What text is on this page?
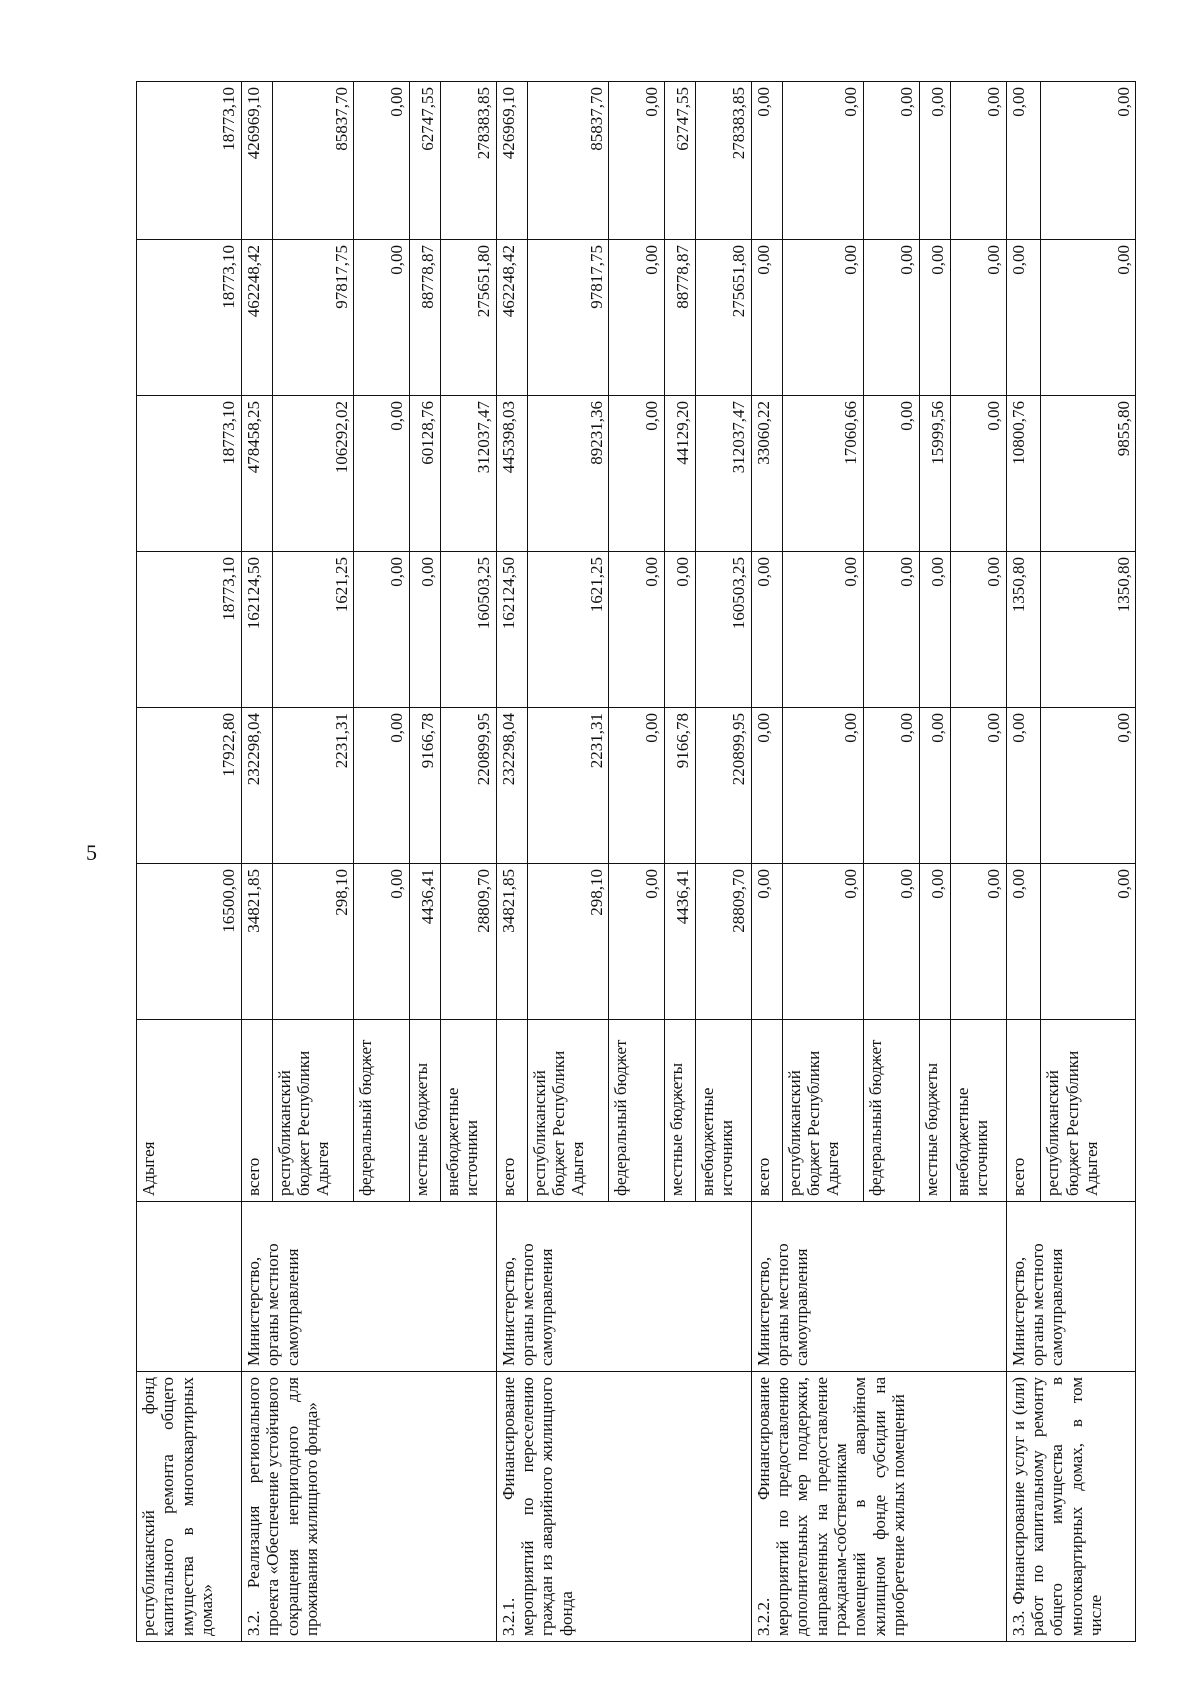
5
республиканский фонд капитального ремонта общего имущества в многоквартирных домах»		Адыгея	16500,00	17922,80	18773,10	18773,10	18773,10	18773,10
3.2. Реализация регионального проекта «Обеспечение устойчивого сокращения непригодного для проживания жилищного фонда»	Министерство, органы местного самоуправления	всего	34821,85	232298,04	162124,50	478458,25	462248,42	426969,10
		республиканский бюджет Республики Адыгея	298,10	2231,31	1621,25	106292,02	97817,75	85837,70
		федеральный бюджет	0,00	0,00	0,00	0,00	0,00	0,00
		местные бюджеты	4436,41	9166,78	0,00	60128,76	88778,87	62747,55
		внебюджетные источники	28809,70	220899,95	160503,25	312037,47	275651,80	278383,85
3.2.1. Финансирование мероприятий по переселению граждан из аварийного жилищного фонда	Министерство, органы местного самоуправления	всего	34821,85	232298,04	162124,50	445398,03	462248,42	426969,10
		республиканский бюджет Республики Адыгея	298,10	2231,31	1621,25	89231,36	97817,75	85837,70
		федеральный бюджет	0,00	0,00	0,00	0,00	0,00	0,00
		местные бюджеты	4436,41	9166,78	0,00	44129,20	88778,87	62747,55
		внебюджетные источники	28809,70	220899,95	160503,25	312037,47	275651,80	278383,85
3.2.2. Финансирование мероприятий по предоставлению дополнительных мер поддержки, направленных на предоставление гражданам-собственникам помещений в аварийном жилищном фонде субсидии на приобретение жилых помещений	Министерство, органы местного самоуправления	всего	0,00	0,00	0,00	33060,22	0,00	0,00
		республиканский бюджет Республики Адыгея	0,00	0,00	0,00	17060,66	0,00	0,00
		федеральный бюджет	0,00	0,00	0,00	0,00	0,00	0,00
		местные бюджеты	0,00	0,00	0,00	15999,56	0,00	0,00
		внебюджетные источники	0,00	0,00	0,00	0,00	0,00	0,00
3.3. Финансирование услуг и (или) работ по капитальному ремонту общего имущества в многоквартирных домах, в том числе	Министерство, органы местного самоуправления	всего	0,00	0,00	1350,80	10800,76	0,00	0,00
		республиканский бюджет Республики Адыгея	0,00	0,00	1350,80	9855,80	0,00	0,00
